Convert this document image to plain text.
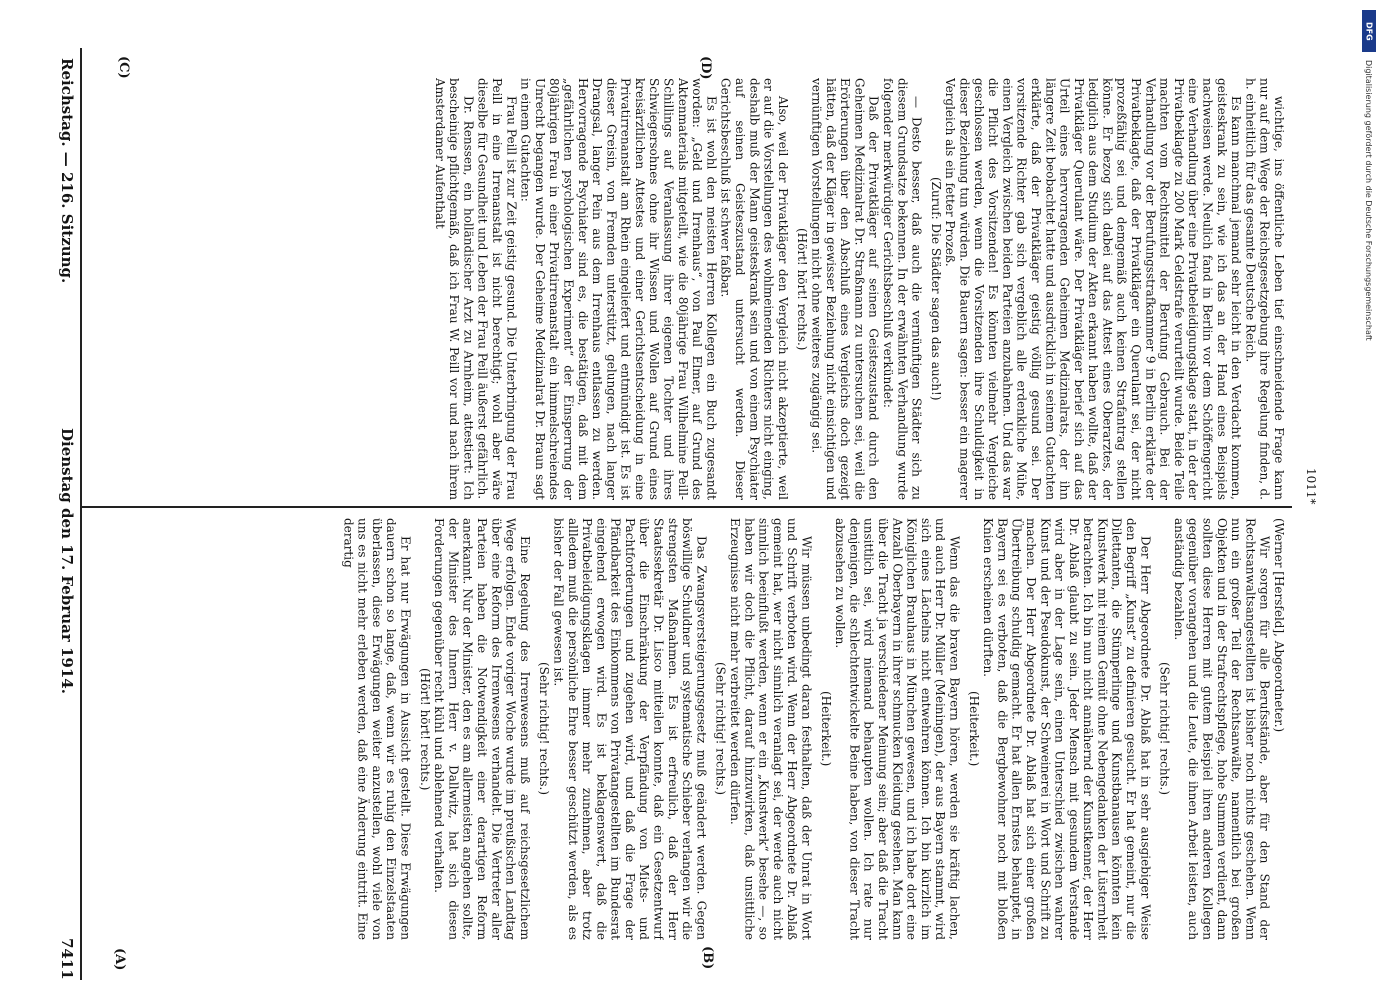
Reichstag. — 216. Sitzung.
Dienstag den 17. Februar 1914.
7411	(A)	(B)
(C)	(D)

(Werner [Hersfeld], Abgeordneter.)

Wir sorgen für alle Berufsstände, aber für den Stand der Rechtsanwaltsangestellten ist bisher noch nichts geschehen. Wenn nun ein großer Teil der Rechtsanwälte, namentlich bei großen Objekten und in der Strafrechtspflege, hohe Summen verdient, dann sollten diese Herren mit gutem Beispiel ihren anderen Kollegen gegenüber vorangehen und die Leute, die ihnen Arbeit leisten, auch anständig bezahlen.

(Sehr richtig! rechts.)

Der Herr Abgeordnete Dr. Ablaß hat in sehr ausgiebiger Weise den Begriff „Kunst“ zu definieren gesucht. Er hat gemeint, nur die Dilettanten, die Stümperlinge und Kunstbanausen könnten kein Kunstwerk mit reinem Gemüt ohne Nebengedanken der Lüsternheit betrachten. Ich bin nun nicht annähernd der Kunstkenner, der Herr Dr. Ablaß glaubt zu sein. Jeder Mensch mit gesundem Verstande wird aber in der Lage sein, einen Unterschied zwischen wahrer Kunst und der Pseudokunst, der Schweinerei in Wort und Schrift zu machen. Der Herr Abgeordnete Dr. Ablaß hat sich einer großen Übertreibung schuldig gemacht. Er hat allen Ernstes behauptet, in Bayern sei es verboten, daß die Bergbewohner noch mit bloßen Knien erscheinen dürften.

(Heiterkeit.)

Wenn das die braven Bayern hören, werden sie kräftig lachen, und auch Herr Dr. Müller (Meiningen), der aus Bayern stammt, wird sich eines Lächelns nicht entwehren können. Ich bin kürzlich im Königlichen Brauhaus in München gewesen, und ich habe dort eine Anzahl Oberbayern in ihrer schmucken Kleidung gesehen. Man kann über die Tracht ja verschiedener Meinung sein; aber daß die Tracht unsittlich sei, wird niemand behaupten wollen. Ich rate nur denjenigen, die schlechtentwickelte Beine haben, von dieser Tracht abzusehen zu wollen.

(Heiterkeit.)

Wir müssen unbedingt daran festhalten, daß der Unrat in Wort und Schrift verboten wird. Wenn der Herr Abgeordnete Dr. Ablaß gemeint hat, wer nicht sinnlich veranlagt sei, der werde auch nicht sinnlich beeinflußt werden, wenn er ein „Kunstwerk“ besehe —, so haben wir doch die Pflicht, darauf hinzuwirken, daß unsittliche Erzeugnisse nicht mehr verbreitet werden dürfen.

(Sehr richtig! rechts.)

Das Zwangsversteigerungsgesetz muß geändert werden. Gegen böswillige Schuldner und systematische Schieber verlangen wir die strengsten Maßnahmen. Es ist erfreulich, daß der Herr Staatssekretär Dr. Lisco mitteilen konnte, daß ein Gesetzentwurf über die Einschränkung der Verpfändung von Miets- und Pachtforderungen und zugehen wird, und daß die Frage der Pfändbarkeit des Einkommens von Privatangestellten im Bundesrat eingehend erwogen wird. Es ist beklagenswert, daß die Privatbeleidigungsklagen immer mehr zunehmen, aber trotz allledem muß die persönliche Ehre besser geschützt werden, als es bisher der Fall gewesen ist.

(Sehr richtig! rechts.)

Eine Regelung des Irrenwesens muß auf reichsgesetzlichem Wege erfolgen. Ende voriger Woche wurde im preußischen Landtag über eine Reform des Irrenwesens verhandelt. Die Vertreter aller Parteien haben die Notwendigkeit einer derartigen Reform anerkannt. Nur der Minister, den es am allermeisten angehen sollte, der Minister des Innern Herr v. Dallwitz, hat sich diesen Forderungen gegenüber recht kühl und ablehnend verhalten.

(Hört! hört! rechts.)

Er hat nur Erwägungen in Aussicht gestellt. Diese Erwägungen dauern schon so lange, daß, wenn wir es ruhig den Einzelstaaten überlassen, diese Erwägungen weiter anzustellen, wohl viele von uns es nicht mehr erleben werden, daß eine Änderung eintritt. Eine derartig

wichtige, ins öffentliche Leben tief einschneidende Frage kann nur auf dem Wege der Reichsgesetzgebung ihre Regelung finden, d. h. einheitlich für das gesamte Deutsche Reich.

Es kann manchmal jemand sehr leicht in den Verdacht kommen, geisteskrank zu sein, wie ich das an der Hand eines Beispiels nachweisen werde. Neulich fand in Berlin vor dem Schöffengericht eine Verhandlung über eine Privatbeleidigungsklage statt, in der der Privatbeklagte zu 200 Mark Geldstrafe verurteilt wurde. Beide Teile machten vom Rechtsmittel der Berufung Gebrauch. Bei der Verhandlung vor der Berufungsstrafkammer 9 in Berlin erklärte der Privatbeklagte, daß der Privatkläger ein Querulant sei, der nicht prozeßfähig sei und demgemäß auch keinen Strafantrag stellen könne. Er bezog sich dabei auf das Attest eines Oberarztes, der lediglich aus dem Studium der Akten erkannt haben wollte, daß der Privatkläger Querulant wäre. Der Privatkläger berief sich auf das Urteil eines hervorragenden Geheimen Medizinalrats, der ihn längere Zeit beobachtet hatte und ausdrücklich in seinem Gutachten erklärte, daß der Privatkläger geistig völlig gesund sei. Der vorsitzende Richter gab sich vergeblich alle erdenkliche Mühe, einen Vergleich zwischen beiden Parteien anzubahnen. Und das war die Pflicht des Vorsitzenden! Es könnten vielmehr Vergleiche geschlossen werden, wenn die Vorsitzenden ihre Schuldigkeit in dieser Beziehung tun würden. Die Bauern sagen: besser ein magerer Vergleich als ein fetter Prozeß.

(Zuruf: Die Städter sagen das auch!)

— Desto besser, daß auch die vernünftigen Städter sich zu diesem Grundsatze bekennen. In der erwähnten Verhandlung wurde folgender merkwürdiger Gerichtsbeschluß verkündet:

Daß der Privatkläger auf seinen Geisteszustand durch den Geheimen Medizinalrat Dr. Straßmann zu untersuchen sei, weil die Erörterungen über den Abschluß eines Vergleichs doch gezeigt hätten, daß der Kläger in gewisser Beziehung nicht einsichtigen und vernünftigen Vorstellungen nicht ohne weiteres zugängig sei.

(Hört! hört! rechts.)

Also, weil der Privatkläger den Vergleich nicht akzeptierte, weil er auf die Vorstellungen des wohlmeinenden Richters nicht einging, deshalb muß der Mann geisteskrank sein und von einem Psychiater auf seinen Geisteszustand untersucht werden. Dieser Gerichtsbeschluß ist schwer faßbar.

Es ist wohl den meisten Herren Kollegen ein Buch zugesandt worden: „Geld und Irrenhaus“, von Paul Elmer, auf Grund des Aktenmaterials mitgeteilt, wie die 80jährige Frau Wilhelmine Peill-Schillings auf Veranlassung ihrer eigenen Tochter und ihres Schwiegersohnes ohne ihr Wissen und Wollen auf Grund eines kreisärztlichen Attestes und einer Gerichtsentscheidung in eine Privatirrenanstalt am Rhein eingeliefert und entmündigt ist. Es ist dieser Greisin, von Fremden unterstützt, gelungen, nach langer Drangsal, langer Pein aus dem Irrenhaus entlassen zu werden. Hervorragende Psychiater sind es, die bestätigen, daß mit dem „gefährlichen psychologischen Experiment“ der Einsperrung der 80jährigen Frau in einer Privatirrenanstalt ein himmelschreiendes Unrecht begangen wurde. Der Geheime Medizinalrat Dr. Braun sagt in einem Gutachten:

Frau Peill ist zur Zeit geistig gesund. Die Unterbringung der Frau Peill in eine Irrenanstalt ist nicht berechtigt; wohl aber wäre dieselbe für Gesundheit und Leben der Frau Peill äußerst gefährlich.

Dr. Renssen, ein holländischer Arzt zu Arnheim, attestiert: Ich bescheinige pflichtgemäß, daß ich Frau W. Peill vor und nach ihrem Amsterdamer Aufenthalt

1011*
DFG
Digitalisierung gefördert durch die Deutsche Forschungsgemeinschaft
